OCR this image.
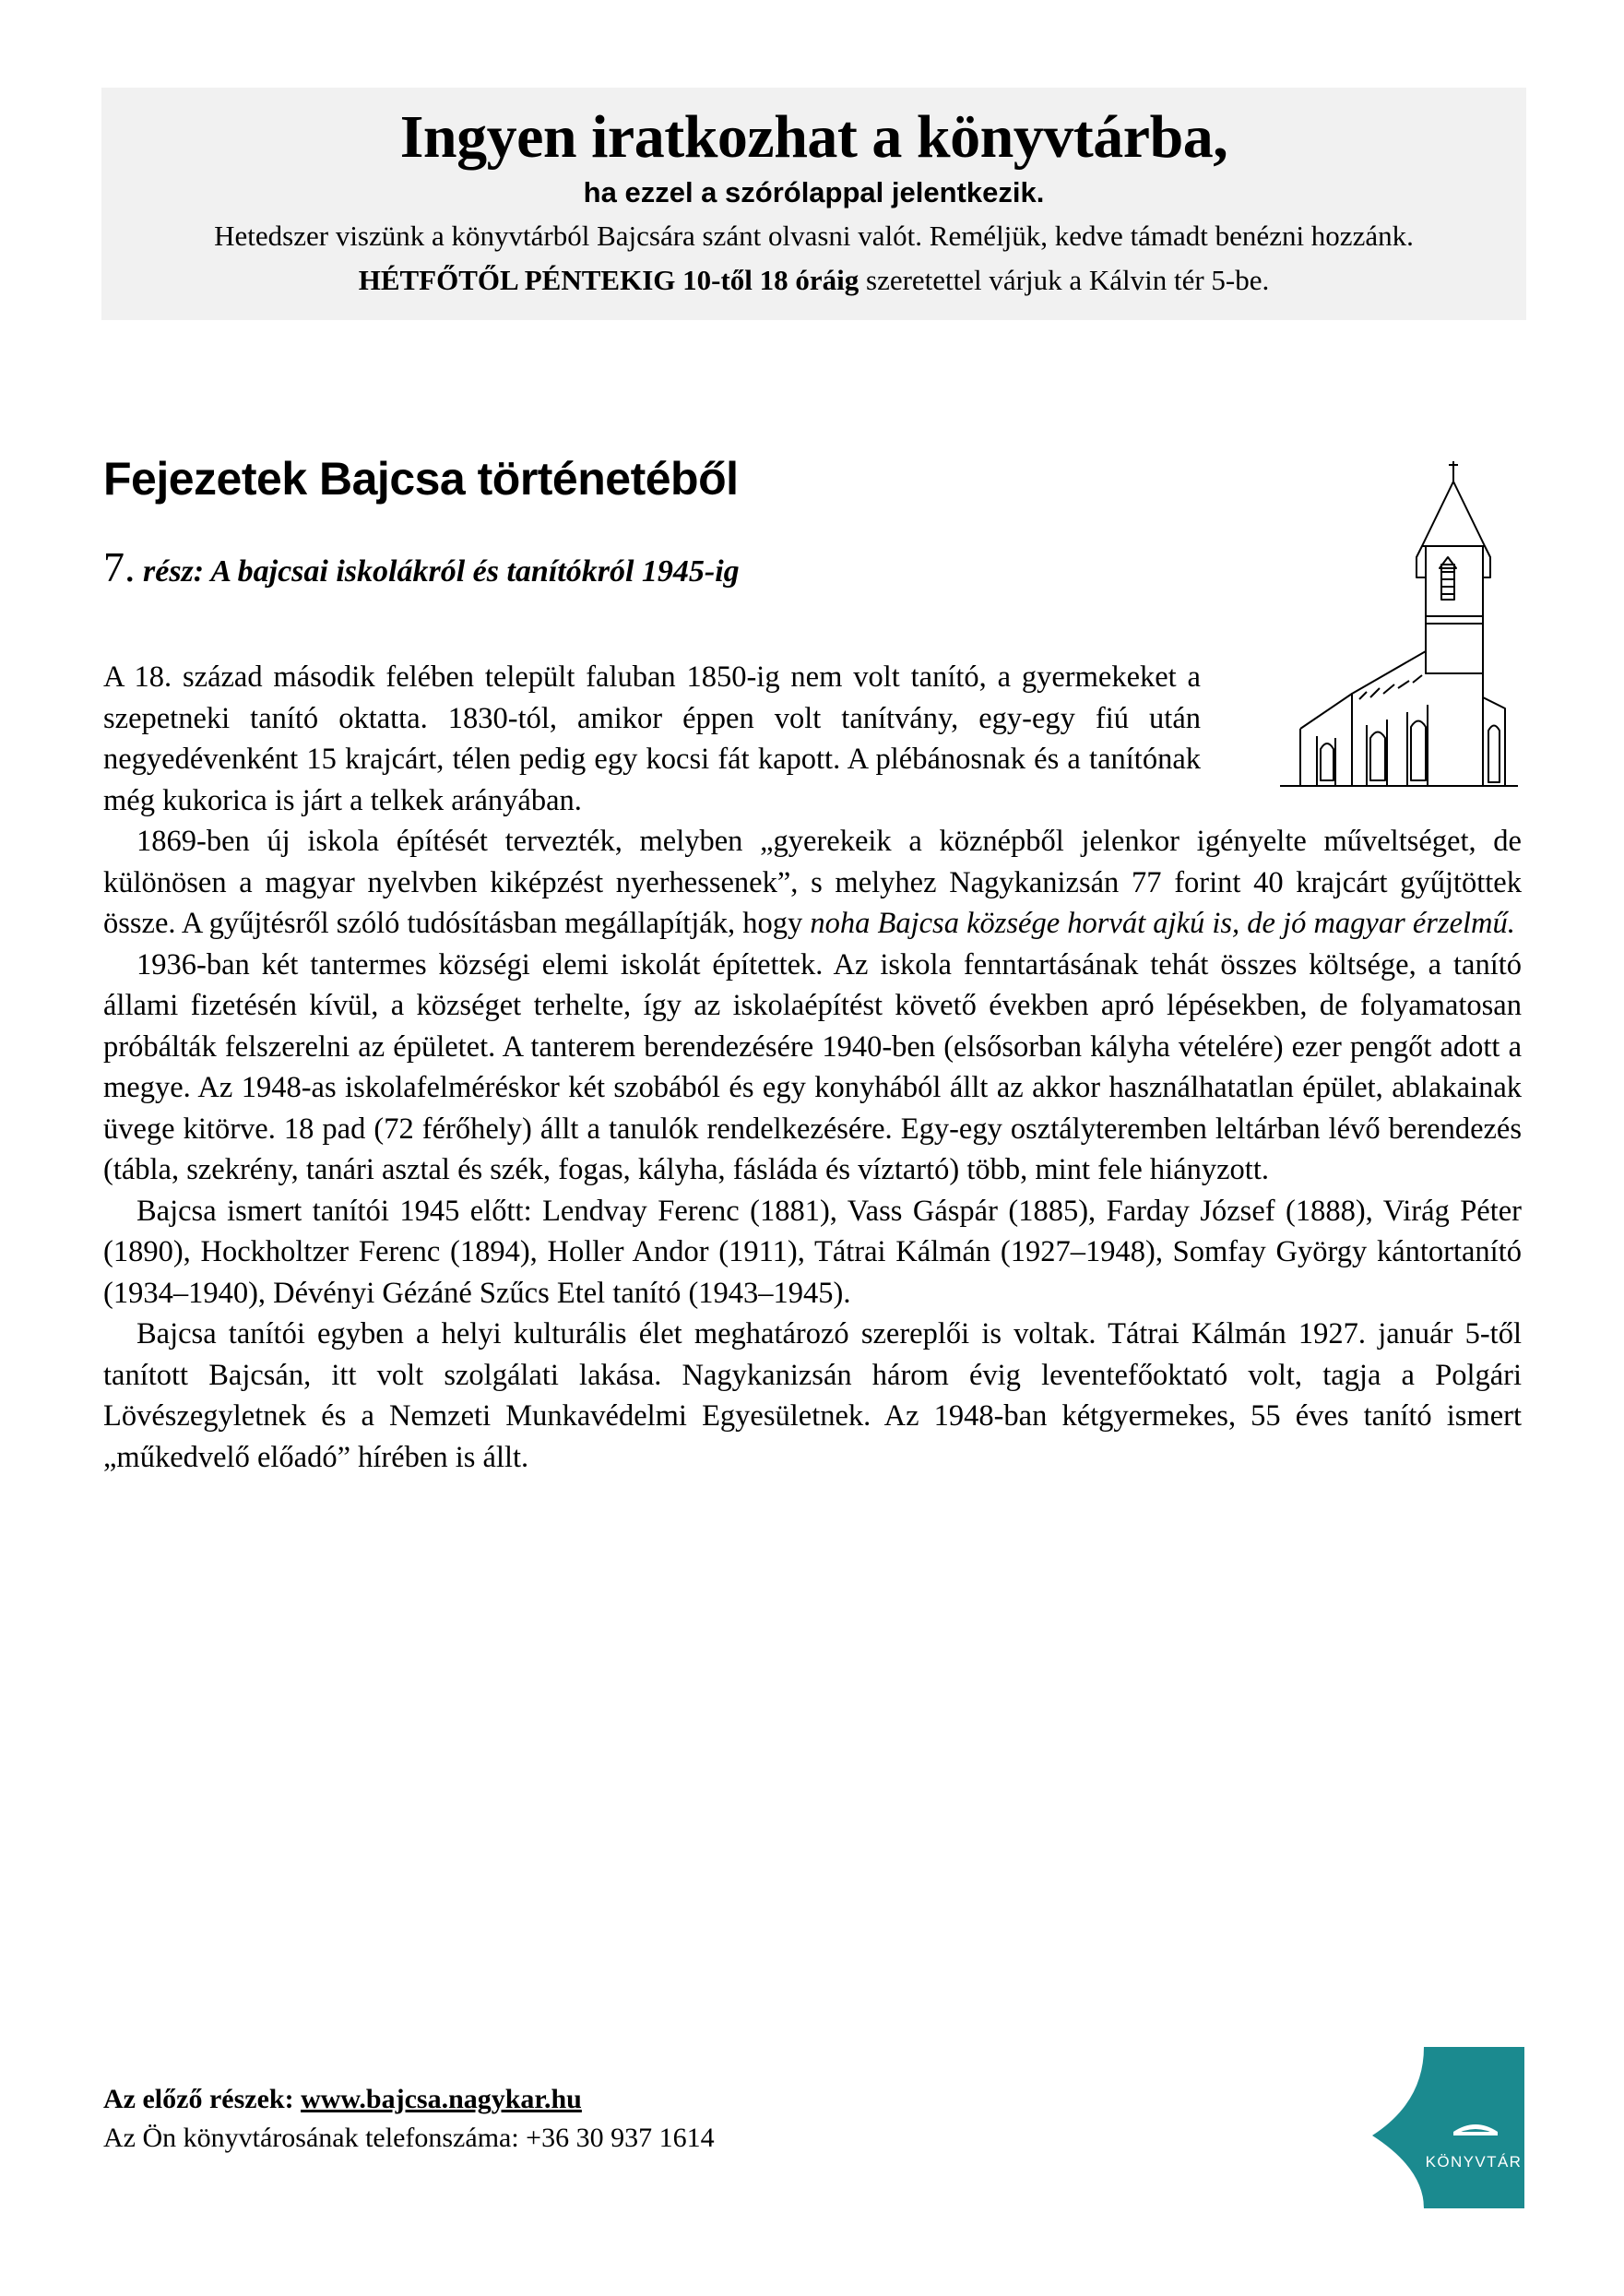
Ingyen iratkozhat a könyvtárba,
ha ezzel a szórólappal jelentkezik.
Hetedszer viszünk a könyvtárból Bajcsára szánt olvasni valót. Reméljük, kedve támadt benézni hozzánk.
HÉTFŐTŐL PÉNTEKIG 10-től 18 óráig szeretettel várjuk a Kálvin tér 5-be.
Fejezetek Bajcsa történetéből
7. rész: A bajcsai iskolákról és tanítókról 1945-ig

A 18. század második felében települt faluban 1850-ig nem volt tanító, a gyermekeket a szepetneki tanító oktatta. 1830-tól, amikor éppen volt tanítvány, egy-egy fiú után negyedévenként 15 krajcárt, télen pedig egy kocsi fát kapott. A plébánosnak és a tanítónak még kukorica is járt a telkek arányában.

1869-ben új iskola építését tervezték, melyben „gyerekeik a köznépből jelenkor igényelte műveltséget, de különösen a magyar nyelvben kiképzést nyerhessenek”, s melyhez Nagykanizsán 77 forint 40 krajcárt gyűjtöttek össze. A gyűjtésről szóló tudósításban megállapítják, hogy noha Bajcsa községe horvát ajkú is, de jó magyar érzelmű.

1936-ban két tantermes községi elemi iskolát építettek. Az iskola fenntartásának tehát összes költsége, a tanító állami fizetésén kívül, a községet terhelte, így az iskolaépítést követő években apró lépésekben, de folyamatosan próbálták felszerelni az épületet. A tanterem berendezésére 1940-ben (elsősorban kályha vételére) ezer pengőt adott a megye. Az 1948-as iskolafelméréskor két szobából és egy konyhából állt az akkor használhatatlan épület, ablakainak üvege kitörve. 18 pad (72 férőhely) állt a tanulók rendelkezésére. Egy-egy osztályteremben leltárban lévő berendezés (tábla, szekrény, tanári asztal és szék, fogas, kályha, fásláda és víztartó) több, mint fele hiányzott.

Bajcsa ismert tanítói 1945 előtt: Lendvay Ferenc (1881), Vass Gáspár (1885), Farday József (1888), Virág Péter (1890), Hockholtzer Ferenc (1894), Holler Andor (1911), Tátrai Kálmán (1927–1948), Somfay György kántortanító (1934–1940), Dévényi Gézáné Szűcs Etel tanító (1943–1945).

Bajcsa tanítói egyben a helyi kulturális élet meghatározó szereplői is voltak. Tátrai Kálmán 1927. január 5-től tanított Bajcsán, itt volt szolgálati lakása. Nagykanizsán három évig leventefőoktató volt, tagja a Polgári Lövészegyletnek és a Nemzeti Munkavédelmi Egyesületnek. Az 1948-ban kétgyermekes, 55 éves tanító ismert „műkedvelő előadó” hírében is állt.

Az előző részek: www.bajcsa.nagykar.hu
Az Ön könyvtárosának telefonszáma: +36 30 937 1614
KÖNYVTÁR
